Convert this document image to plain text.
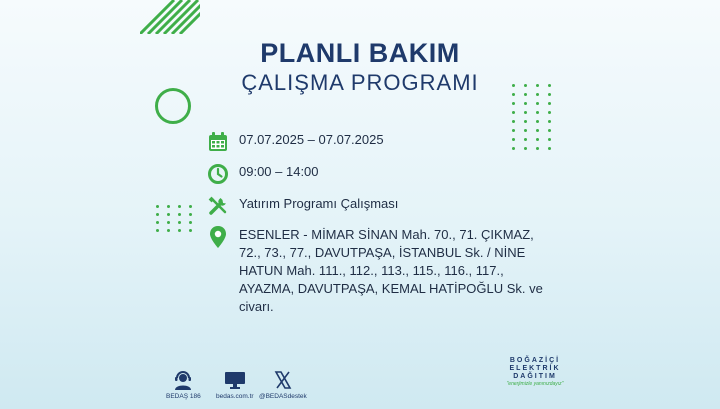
PLANLI BAKIM
ÇALIŞMA PROGRAMI
07.07.2025 – 07.07.2025
09:00 – 14:00
Yatırım Programı Çalışması
ESENLER - MİMAR SİNAN Mah. 70., 71. ÇIKMAZ, 72., 73., 77., DAVUTPAŞA, İSTANBUL Sk. / NİNE HATUN Mah. 111., 112., 113., 115., 116., 117., AYAZMA, DAVUTPAŞA, KEMAL HATİPOĞLU Sk. ve civarı.
BEDAŞ 186 bedas.com.tr @BEDASdestek
BOĞAZİÇİ
ELEKTRİK
DAĞITIM
"enerjimizle yanınızdayız"
